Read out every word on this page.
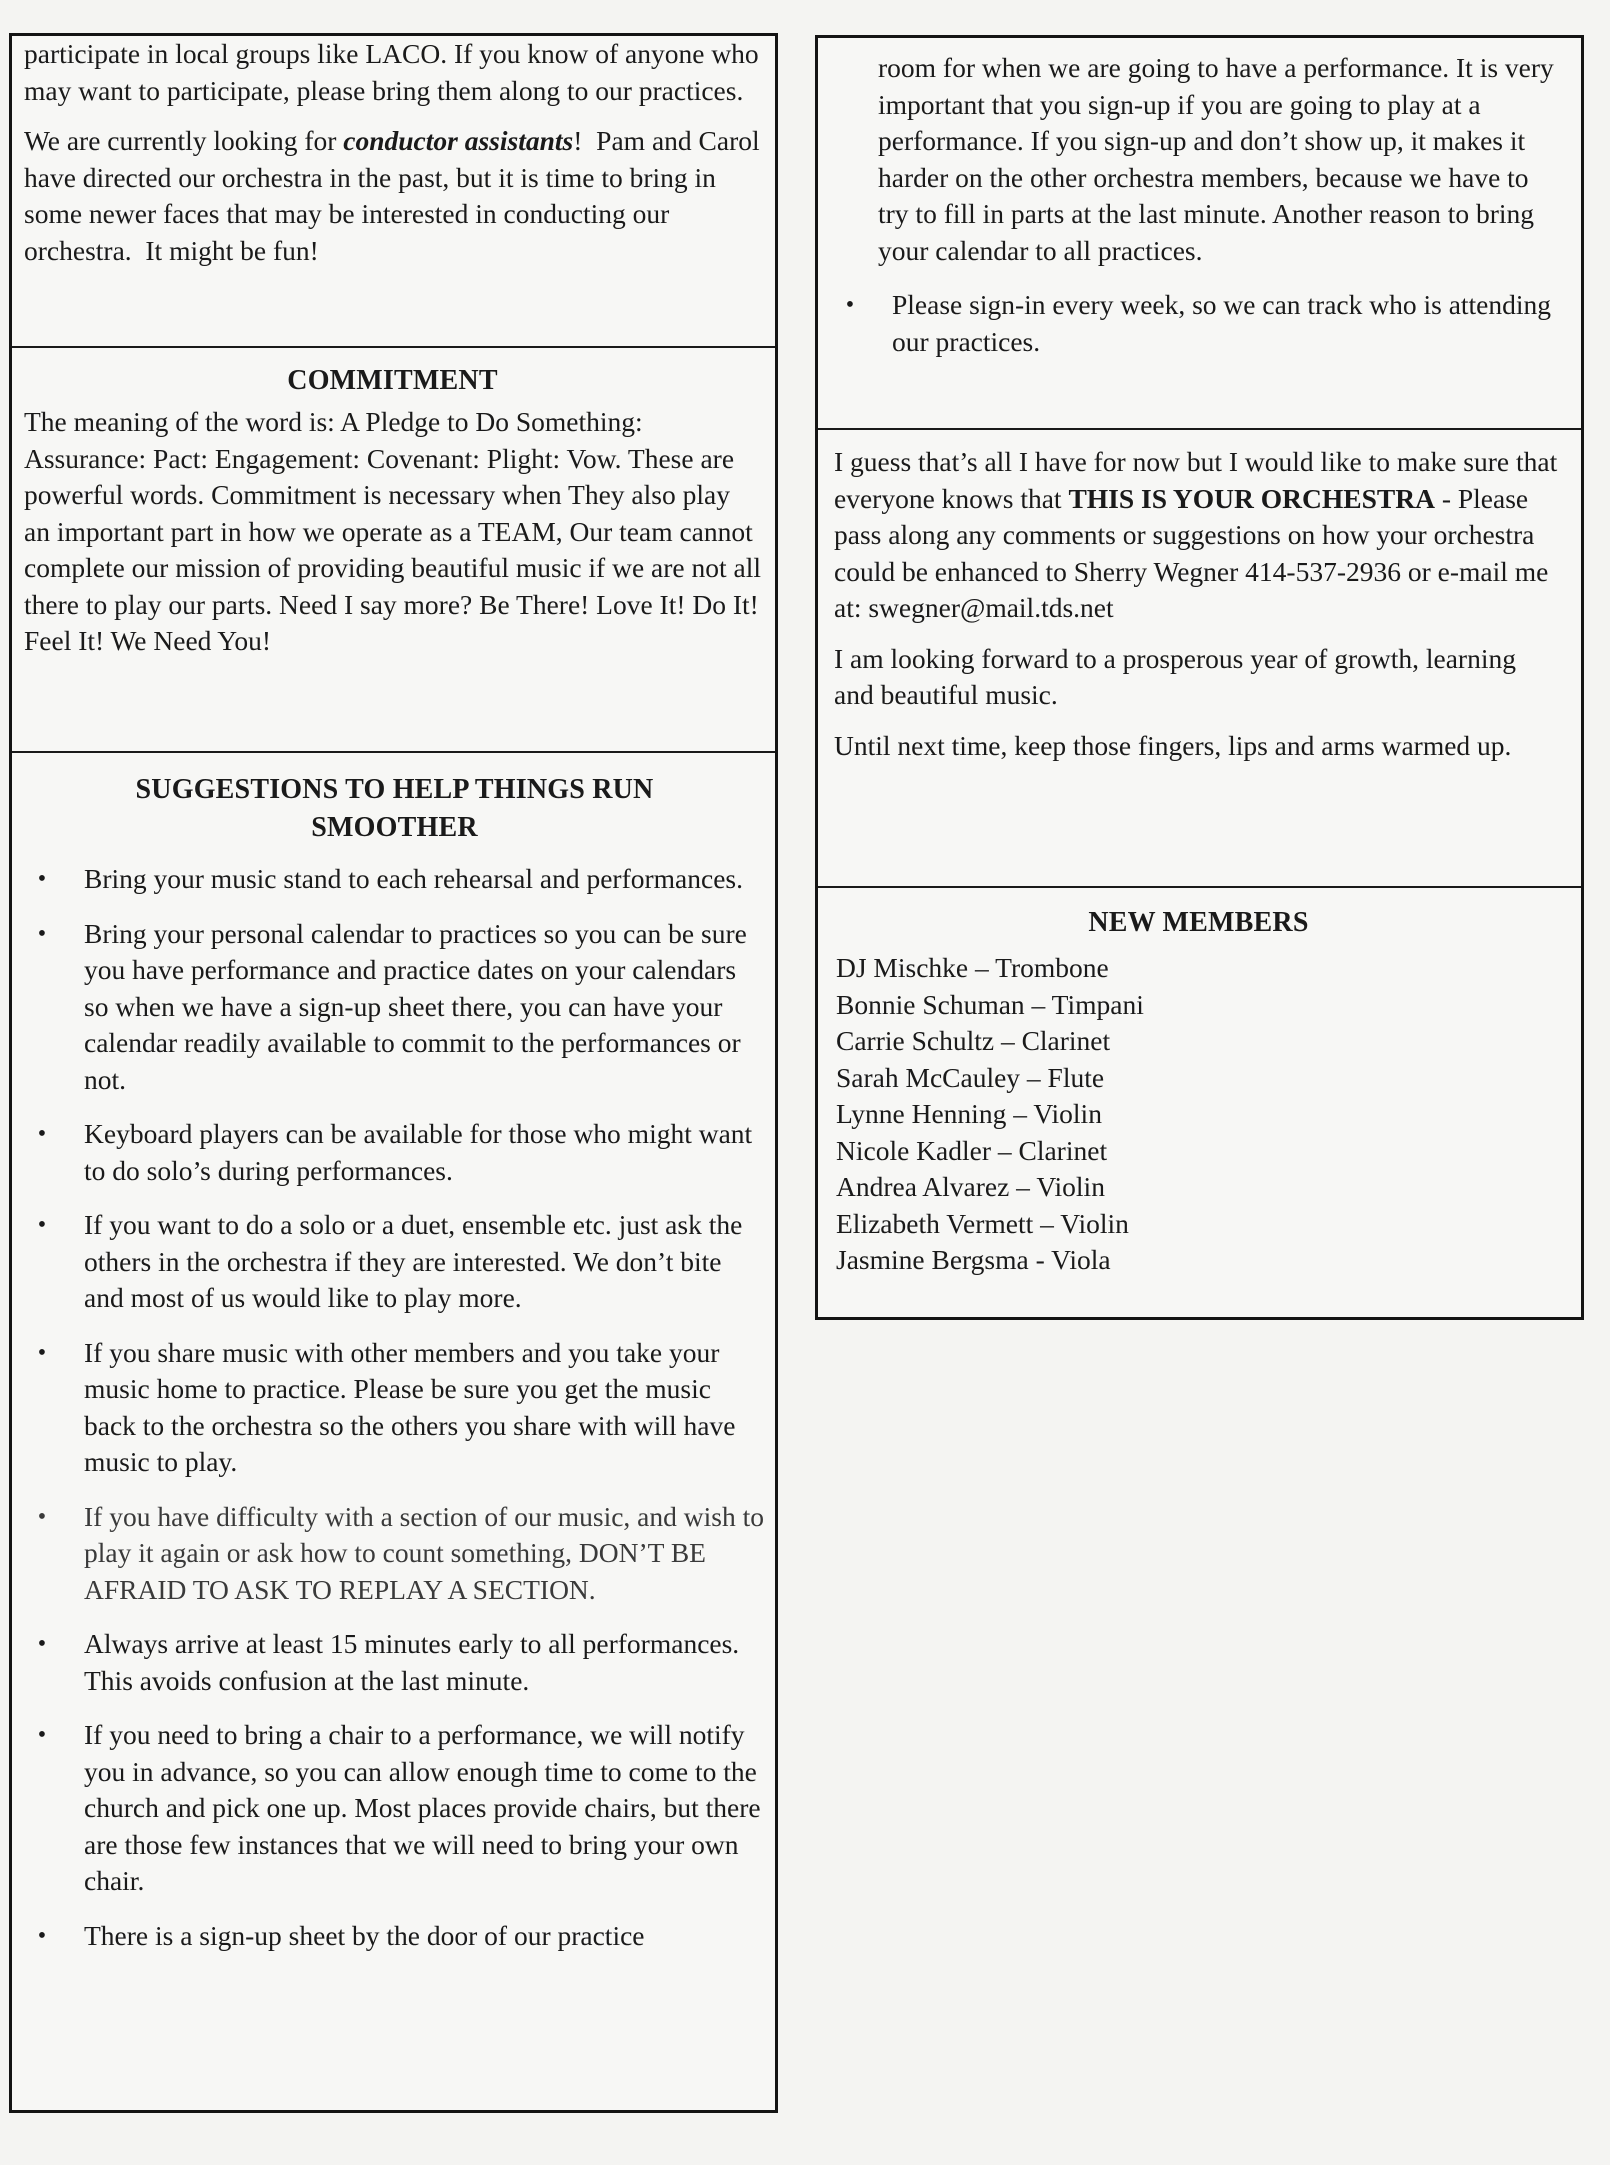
participate in local groups like LACO. If you know of anyone who may want to participate, please bring them along to our practices.

We are currently looking for conductor assistants!  Pam and Carol have directed our orchestra in the past, but it is time to bring in some newer faces that may be interested in conducting our orchestra.  It might be fun!

COMMITMENT

The meaning of the word is: A Pledge to Do Something: Assurance: Pact: Engagement: Covenant: Plight: Vow. These are powerful words. Commitment is necessary when They also play an important part in how we operate as a TEAM, Our team cannot complete our mission of providing beautiful music if we are not all there to play our parts. Need I say more? Be There! Love It! Do It! Feel It! We Need You!

SUGGESTIONS TO HELP THINGS RUN SMOOTHER
• Bring your music stand to each rehearsal and performances.
• Bring your personal calendar to practices so you can be sure you have performance and practice dates on your calendars so when we have a sign-up sheet there, you can have your calendar readily available to commit to the performances or not.
• Keyboard players can be available for those who might want to do solo’s during performances.
• If you want to do a solo or a duet, ensemble etc. just ask the others in the orchestra if they are interested. We don’t bite and most of us would like to play more.
• If you share music with other members and you take your music home to practice. Please be sure you get the music back to the orchestra so the others you share with will have music to play.
• If you have difficulty with a section of our music, and wish to play it again or ask how to count something, DON’T BE AFRAID TO ASK TO REPLAY A SECTION.
• Always arrive at least 15 minutes early to all performances. This avoids confusion at the last minute.
• If you need to bring a chair to a performance, we will notify you in advance, so you can allow enough time to come to the church and pick one up. Most places provide chairs, but there are those few instances that we will need to bring your own chair.
• There is a sign-up sheet by the door of our practice

room for when we are going to have a performance. It is very important that you sign-up if you are going to play at a performance. If you sign-up and don’t show up, it makes it harder on the other orchestra members, because we have to try to fill in parts at the last minute. Another reason to bring your calendar to all practices.

• Please sign-in every week, so we can track who is attending our practices.

I guess that’s all I have for now but I would like to make sure that everyone knows that THIS IS YOUR ORCHESTRA - Please pass along any comments or suggestions on how your orchestra could be enhanced to Sherry Wegner 414-537-2936 or e-mail me at: swegner@mail.tds.net

I am looking forward to a prosperous year of growth, learning and beautiful music.

Until next time, keep those fingers, lips and arms warmed up.

NEW MEMBERS
DJ Mischke – Trombone
Bonnie Schuman – Timpani
Carrie Schultz – Clarinet
Sarah McCauley – Flute
Lynne Henning – Violin
Nicole Kadler – Clarinet
Andrea Alvarez – Violin
Elizabeth Vermett – Violin
Jasmine Bergsma - Viola
